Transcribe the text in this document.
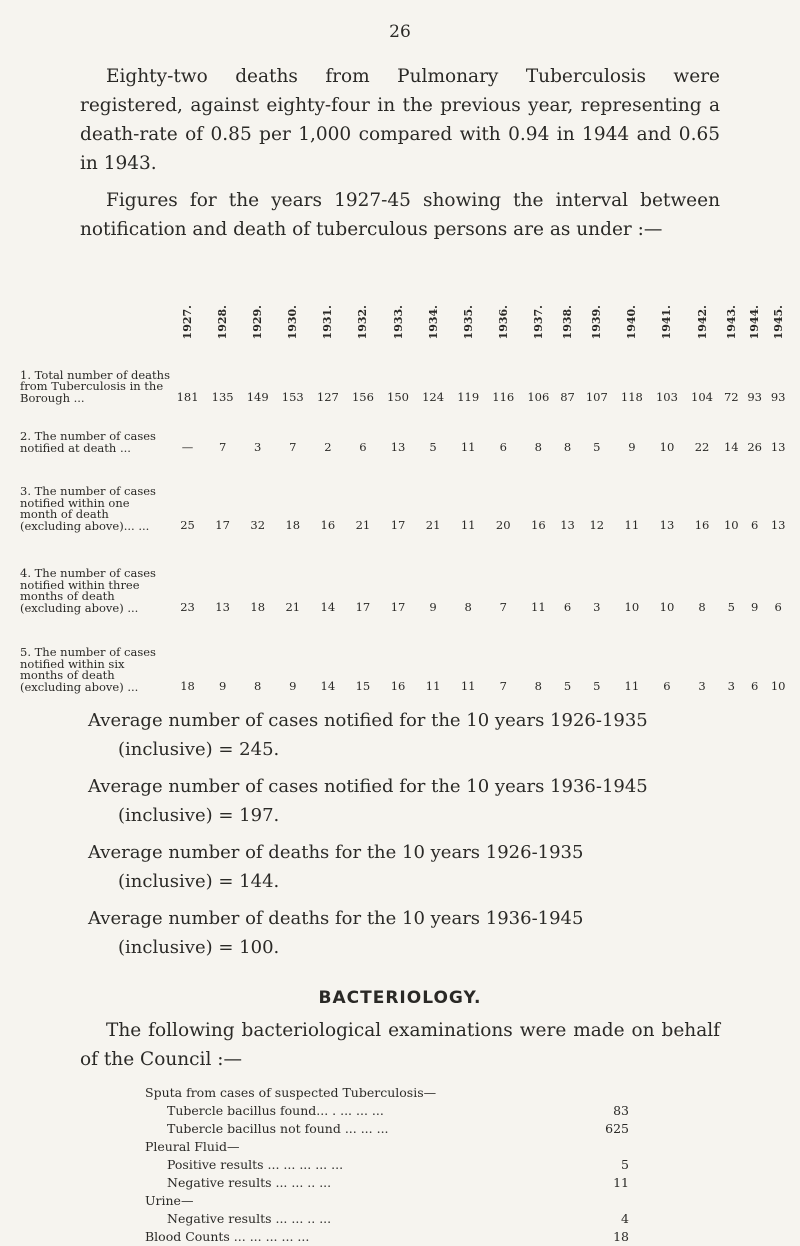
26
Eighty-two deaths from Pulmonary Tuberculosis were registered, against eighty-four in the previous year, representing a death-rate of 0.85 per 1,000 compared with 0.94 in 1944 and 0.65 in 1943.
Figures for the years 1927-45 showing the interval between notification and death of tuberculous persons are as under :—
	1927.	1928.	1929.	1930.	1931.	1932.	1933.	1934.	1935.	1936.	1937.	1938.	1939.	1940.	1941.	1942.	1943.	1944.	1945.
1. Total number of deaths from Tuberculosis in the Borough ...	181	135	149	153	127	156	150	124	119	116	106	87	107	118	103	104	72	93	93
2. The number of cases notified at death ...	—	7	3	7	2	6	13	5	11	6	8	8	5	9	10	22	14	26	13
3. The number of cases notified within one month of death (excluding above)... ...	25	17	32	18	16	21	17	21	11	20	16	13	12	11	13	16	10	6	13
4. The number of cases notified within three months of death (excluding above) ...	23	13	18	21	14	17	17	9	8	7	11	6	3	10	10	8	5	9	6
5. The number of cases notified within six months of death (excluding above) ...	18	9	8	9	14	15	16	11	11	7	8	5	5	11	6	3	3	6	10
Average number of cases notified for the 10 years 1926-1935
(inclusive) = 245.
Average number of cases notified for the 10 years 1936-1945
(inclusive) = 197.
Average number of deaths for the 10 years 1926-1935
(inclusive) = 144.
Average number of deaths for the 10 years 1936-1945
(inclusive) = 100.
BACTERIOLOGY.
The following bacteriological examinations were made on behalf of the Council :—
Sputa from cases of suspected Tuberculosis—
Tubercle bacillus found... . ... ... ...	83
Tubercle bacillus not found ... ... ...	625
Pleural Fluid—
Positive results ... ... ... ... ...	5
Negative results ... ... .. ...	11
Urine—
Negative results ... ... .. ...	4
Blood Counts ... ... ... ... ...	18
